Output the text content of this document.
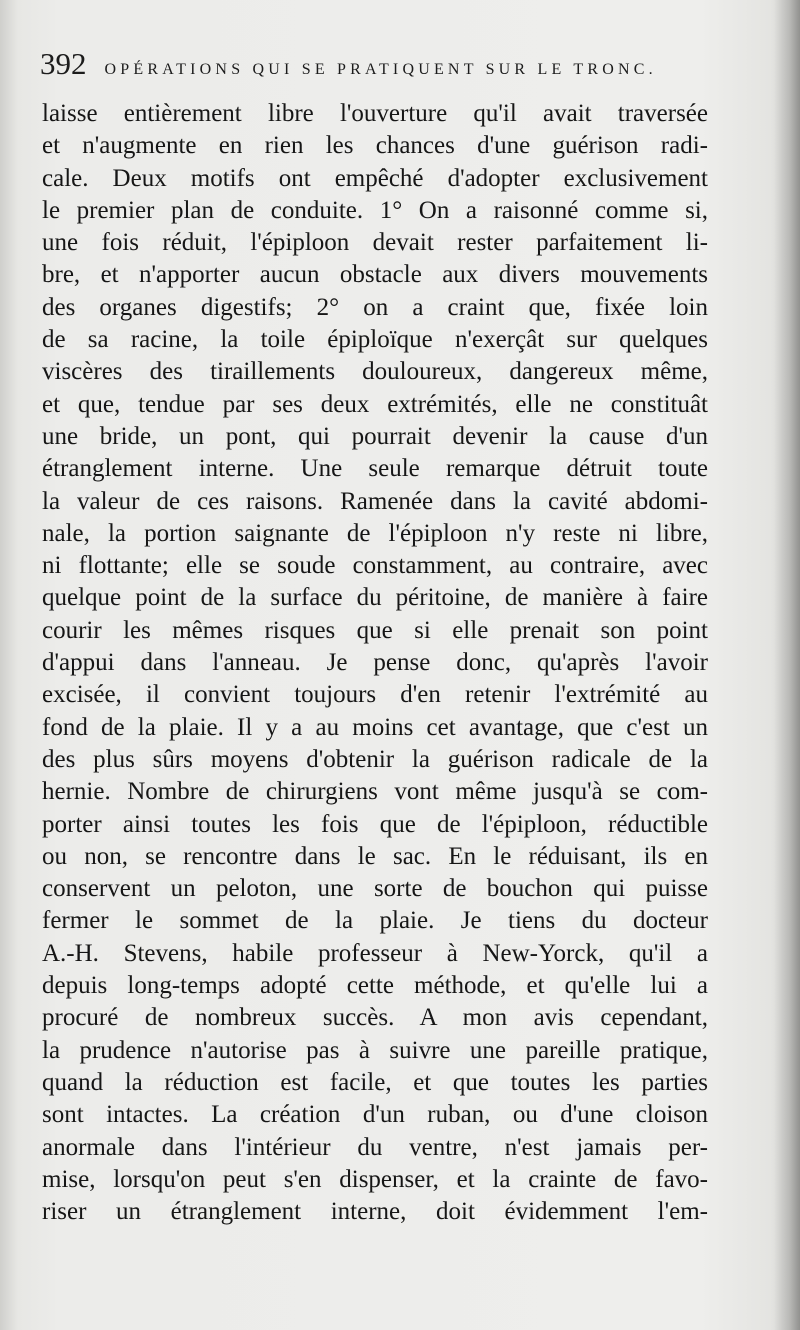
392 OPÉRATIONS QUI SE PRATIQUENT SUR LE TRONC.
laisse entièrement libre l'ouverture qu'il avait traversée
et n'augmente en rien les chances d'une guérison radi-
cale. Deux motifs ont empêché d'adopter exclusivement
le premier plan de conduite. 1° On a raisonné comme si,
une fois réduit, l'épiploon devait rester parfaitement li-
bre, et n'apporter aucun obstacle aux divers mouvements
des organes digestifs; 2° on a craint que, fixée loin
de sa racine, la toile épiploïque n'exerçât sur quelques
viscères des tiraillements douloureux, dangereux même,
et que, tendue par ses deux extrémités, elle ne constituât
une bride, un pont, qui pourrait devenir la cause d'un
étranglement interne. Une seule remarque détruit toute
la valeur de ces raisons. Ramenée dans la cavité abdomi-
nale, la portion saignante de l'épiploon n'y reste ni libre,
ni flottante; elle se soude constamment, au contraire, avec
quelque point de la surface du péritoine, de manière à faire
courir les mêmes risques que si elle prenait son point
d'appui dans l'anneau. Je pense donc, qu'après l'avoir
excisée, il convient toujours d'en retenir l'extrémité au
fond de la plaie. Il y a au moins cet avantage, que c'est un
des plus sûrs moyens d'obtenir la guérison radicale de la
hernie. Nombre de chirurgiens vont même jusqu'à se com-
porter ainsi toutes les fois que de l'épiploon, réductible
ou non, se rencontre dans le sac. En le réduisant, ils en
conservent un peloton, une sorte de bouchon qui puisse
fermer le sommet de la plaie. Je tiens du docteur
A.-H. Stevens, habile professeur à New-Yorck, qu'il a
depuis long-temps adopté cette méthode, et qu'elle lui a
procuré de nombreux succès. A mon avis cependant,
la prudence n'autorise pas à suivre une pareille pratique,
quand la réduction est facile, et que toutes les parties
sont intactes. La création d'un ruban, ou d'une cloison
anormale dans l'intérieur du ventre, n'est jamais per-
mise, lorsqu'on peut s'en dispenser, et la crainte de favo-
riser un étranglement interne, doit évidemment l'em-
